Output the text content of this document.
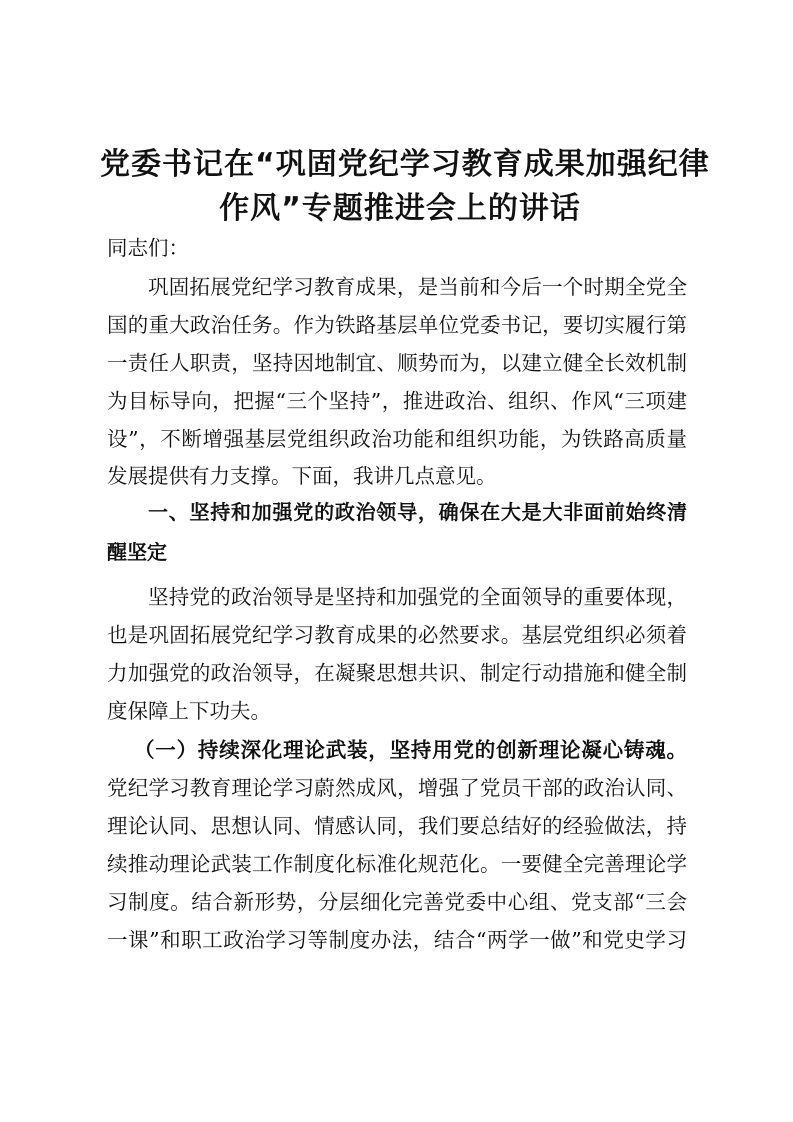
党委书记在“巩固党纪学习教育成果加强纪律
作风”专题推进会上的讲话
同志们：
巩固拓展党纪学习教育成果，是当前和今后一个时期全党全
国的重大政治任务。作为铁路基层单位党委书记，要切实履行第
一责任人职责，坚持因地制宜、顺势而为，以建立健全长效机制
为目标导向，把握“三个坚持”，推进政治、组织、作风“三项建
设”，不断增强基层党组织政治功能和组织功能，为铁路高质量
发展提供有力支撑。下面，我讲几点意见。
一、坚持和加强党的政治领导，确保在大是大非面前始终清
醒坚定
坚持党的政治领导是坚持和加强党的全面领导的重要体现，
也是巩固拓展党纪学习教育成果的必然要求。基层党组织必须着
力加强党的政治领导，在凝聚思想共识、制定行动措施和健全制
度保障上下功夫。
（一）持续深化理论武装，坚持用党的创新理论凝心铸魂。
党纪学习教育理论学习蔚然成风，增强了党员干部的政治认同、
理论认同、思想认同、情感认同，我们要总结好的经验做法，持
续推动理论武装工作制度化标准化规范化。一要健全完善理论学
习制度。结合新形势，分层细化完善党委中心组、党支部“三会
一课”和职工政治学习等制度办法，结合“两学一做”和党史学习
